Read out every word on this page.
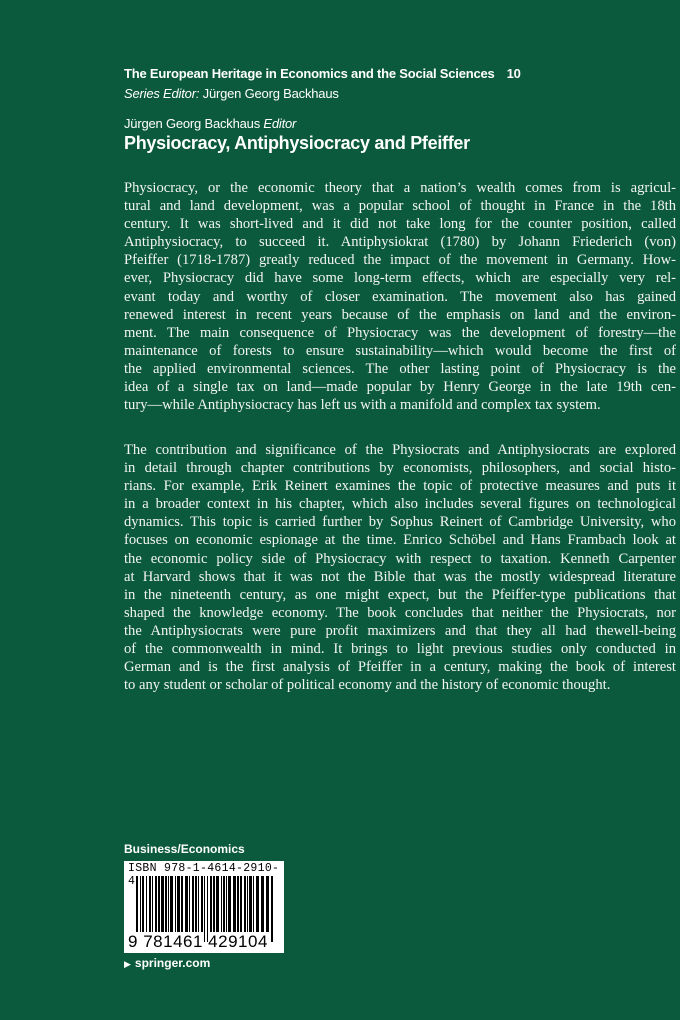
The European Heritage in Economics and the Social Sciences 10
Series Editor: Jürgen Georg Backhaus
Jürgen Georg Backhaus Editor
Physiocracy, Antiphysiocracy and Pfeiffer
Physiocracy, or the economic theory that a nation’s wealth comes from is agricul-
tural and land development, was a popular school of thought in France in the 18th
century. It was short-lived and it did not take long for the counter position, called
Antiphysiocracy, to succeed it. Antiphysiokrat (1780) by Johann Friederich (von)
Pfeiffer (1718-1787) greatly reduced the impact of the movement in Germany. How-
ever, Physiocracy did have some long-term effects, which are especially very rel-
evant today and worthy of closer examination. The movement also has gained
renewed interest in recent years because of the emphasis on land and the environ-
ment. The main consequence of Physiocracy was the development of forestry—the
maintenance of forests to ensure sustainability—which would become the first of
the applied environmental sciences. The other lasting point of Physiocracy is the
idea of a single tax on land—made popular by Henry George in the late 19th cen-
tury—while Antiphysiocracy has left us with a manifold and complex tax system.
The contribution and significance of the Physiocrats and Antiphysiocrats are explored
in detail through chapter contributions by economists, philosophers, and social histo-
rians. For example, Erik Reinert examines the topic of protective measures and puts it
in a broader context in his chapter, which also includes several figures on technological
dynamics. This topic is carried further by Sophus Reinert of Cambridge University, who
focuses on economic espionage at the time. Enrico Schöbel and Hans Frambach look at
the economic policy side of Physiocracy with respect to taxation. Kenneth Carpenter
at Harvard shows that it was not the Bible that was the mostly widespread literature
in the nineteenth century, as one might expect, but the Pfeiffer-type publications that
shaped the knowledge economy. The book concludes that neither the Physiocrats, nor
the Antiphysiocrats were pure profit maximizers and that they all had thewell-being
of the commonwealth in mind. It brings to light previous studies only conducted in
German and is the first analysis of Pfeiffer in a century, making the book of interest
to any student or scholar of political economy and the history of economic thought.
Business/Economics
ISBN 978-1-4614-2910-4
9 781461 429104
▶ springer.com
